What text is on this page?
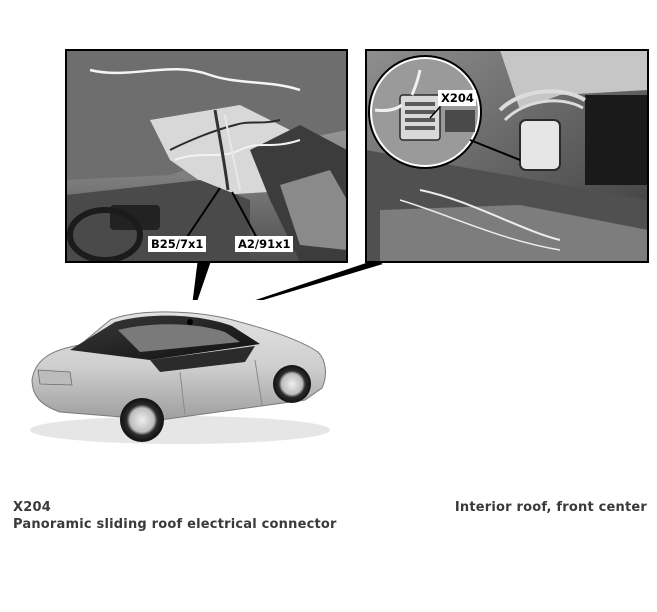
B25/7x1	A2/91x1
X204
X204
Panoramic sliding roof electrical connector
Interior roof, front center
